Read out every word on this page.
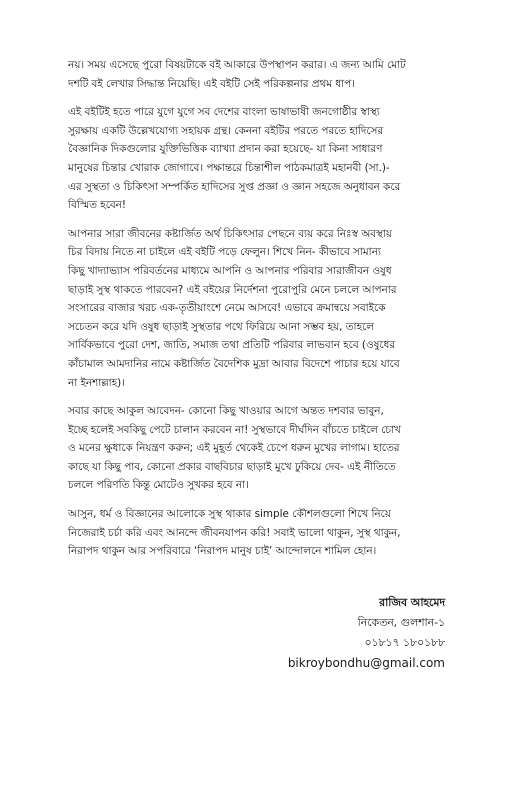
নয়। সময় এসেছে পুরো বিষয়টাকে বই আকারে উপস্থাপন করার। এ জন্য আমি মোট
দশটি বই লেখার সিদ্ধান্ত নিয়েছি। এই বইটি সেই পরিকল্পনার প্রথম ধাপ।
এই বইটিই হতে পারে যুগে যুগে সব দেশের বাংলা ভাষাভাষী জনগোষ্ঠীর স্বাস্থ্য
সুরক্ষায় একটি উল্লেখযোগ্য সহায়ক গ্রন্থ। কেননা বইটির পরতে পরতে হাদিসের
বৈজ্ঞানিক দিকগুলোর যুক্তিভিত্তিক ব্যাখ্যা প্রদান করা হয়েছে- যা কিনা সাধারণ
মানুষের চিন্তার খোরাক জোগাবে। পক্ষান্তরে চিন্তাশীল পাঠকমাত্রই মহানবী (সা.)-
এর সুস্থতা ও চিকিৎসা সম্পর্কিত হাদিসের সুপ্ত প্রজ্ঞা ও জ্ঞান সহজে অনুধাবন করে
বিস্মিত হবেন!
আপনার সারা জীবনের কষ্টার্জিত অর্থ চিকিৎসার পেছনে ব্যয় করে নিঃস্ব অবস্থায়
চির বিদায় নিতে না চাইলে এই বইটি পড়ে ফেলুন। শিখে নিন- কীভাবে সামান্য
কিছু খাদ্যাভ্যাস পরিবর্তনের মাধ্যমে আপনি ও আপনার পরিবার সারাজীবন ওষুধ
ছাড়াই সুস্থ থাকতে পারবেন? এই বইয়ের নির্দেশনা পুরোপুরি মেনে চললে আপনার
সংসারের বাজার খরচ এক-তৃতীয়াংশে নেমে আসবে! এভাবে ক্রমান্বয়ে সবাইকে
সচেতন করে যদি ওষুধ ছাড়াই সুস্থতার পথে ফিরিয়ে আনা সম্ভব হয়, তাহলে
সার্বিকভাবে পুরো দেশ, জাতি, সমাজ তথা প্রতিটি পরিবার লাভবান হবে (ওষুধের
কাঁচামাল আমদানির নামে কষ্টার্জিত বৈদেশিক মুদ্রা আবার বিদেশে পাচার হয়ে যাবে
না ইনশাল্লাহ)।
সবার কাছে আকুল আবেদন- কোনো কিছু খাওয়ার আগে অন্তত দশবার ভাবুন,
ইচ্ছে হলেই সবকিছু পেটে চালান করবেন না! সুস্থভাবে দীর্ঘদিন বাঁচতে চাইলে চোখ
ও মনের ক্ষুধাকে নিয়ন্ত্রণ করুন; এই মুহূর্ত থেকেই চেপে ধরুন মুখের লাগাম। হাতের
কাছে যা কিছু পাব, কোনো প্রকার বাছবিচার ছাড়াই মুখে ঢুকিয়ে দেব- এই নীতিতে
চললে পরিণতি কিন্তু মোটেও সুখকর হবে না।
আসুন, ধর্ম ও বিজ্ঞানের আলোকে সুস্থ থাকার simple কৌশলগুলো শিখে নিয়ে
নিজেরাই চর্চা করি এবং আনন্দে জীবনযাপন করি! সবাই ভালো থাকুন, সুস্থ থাকুন,
নিরাপদ থাকুন আর সপরিবারে ‘নিরাপদ মানুষ চাই’ আন্দোলনে শামিল হোন।
রাজিব আহমেদ
নিকেতন, গুলশান-১
০১৮১৭ ১৮০১৮৮
bikroybondhu@gmail.com
